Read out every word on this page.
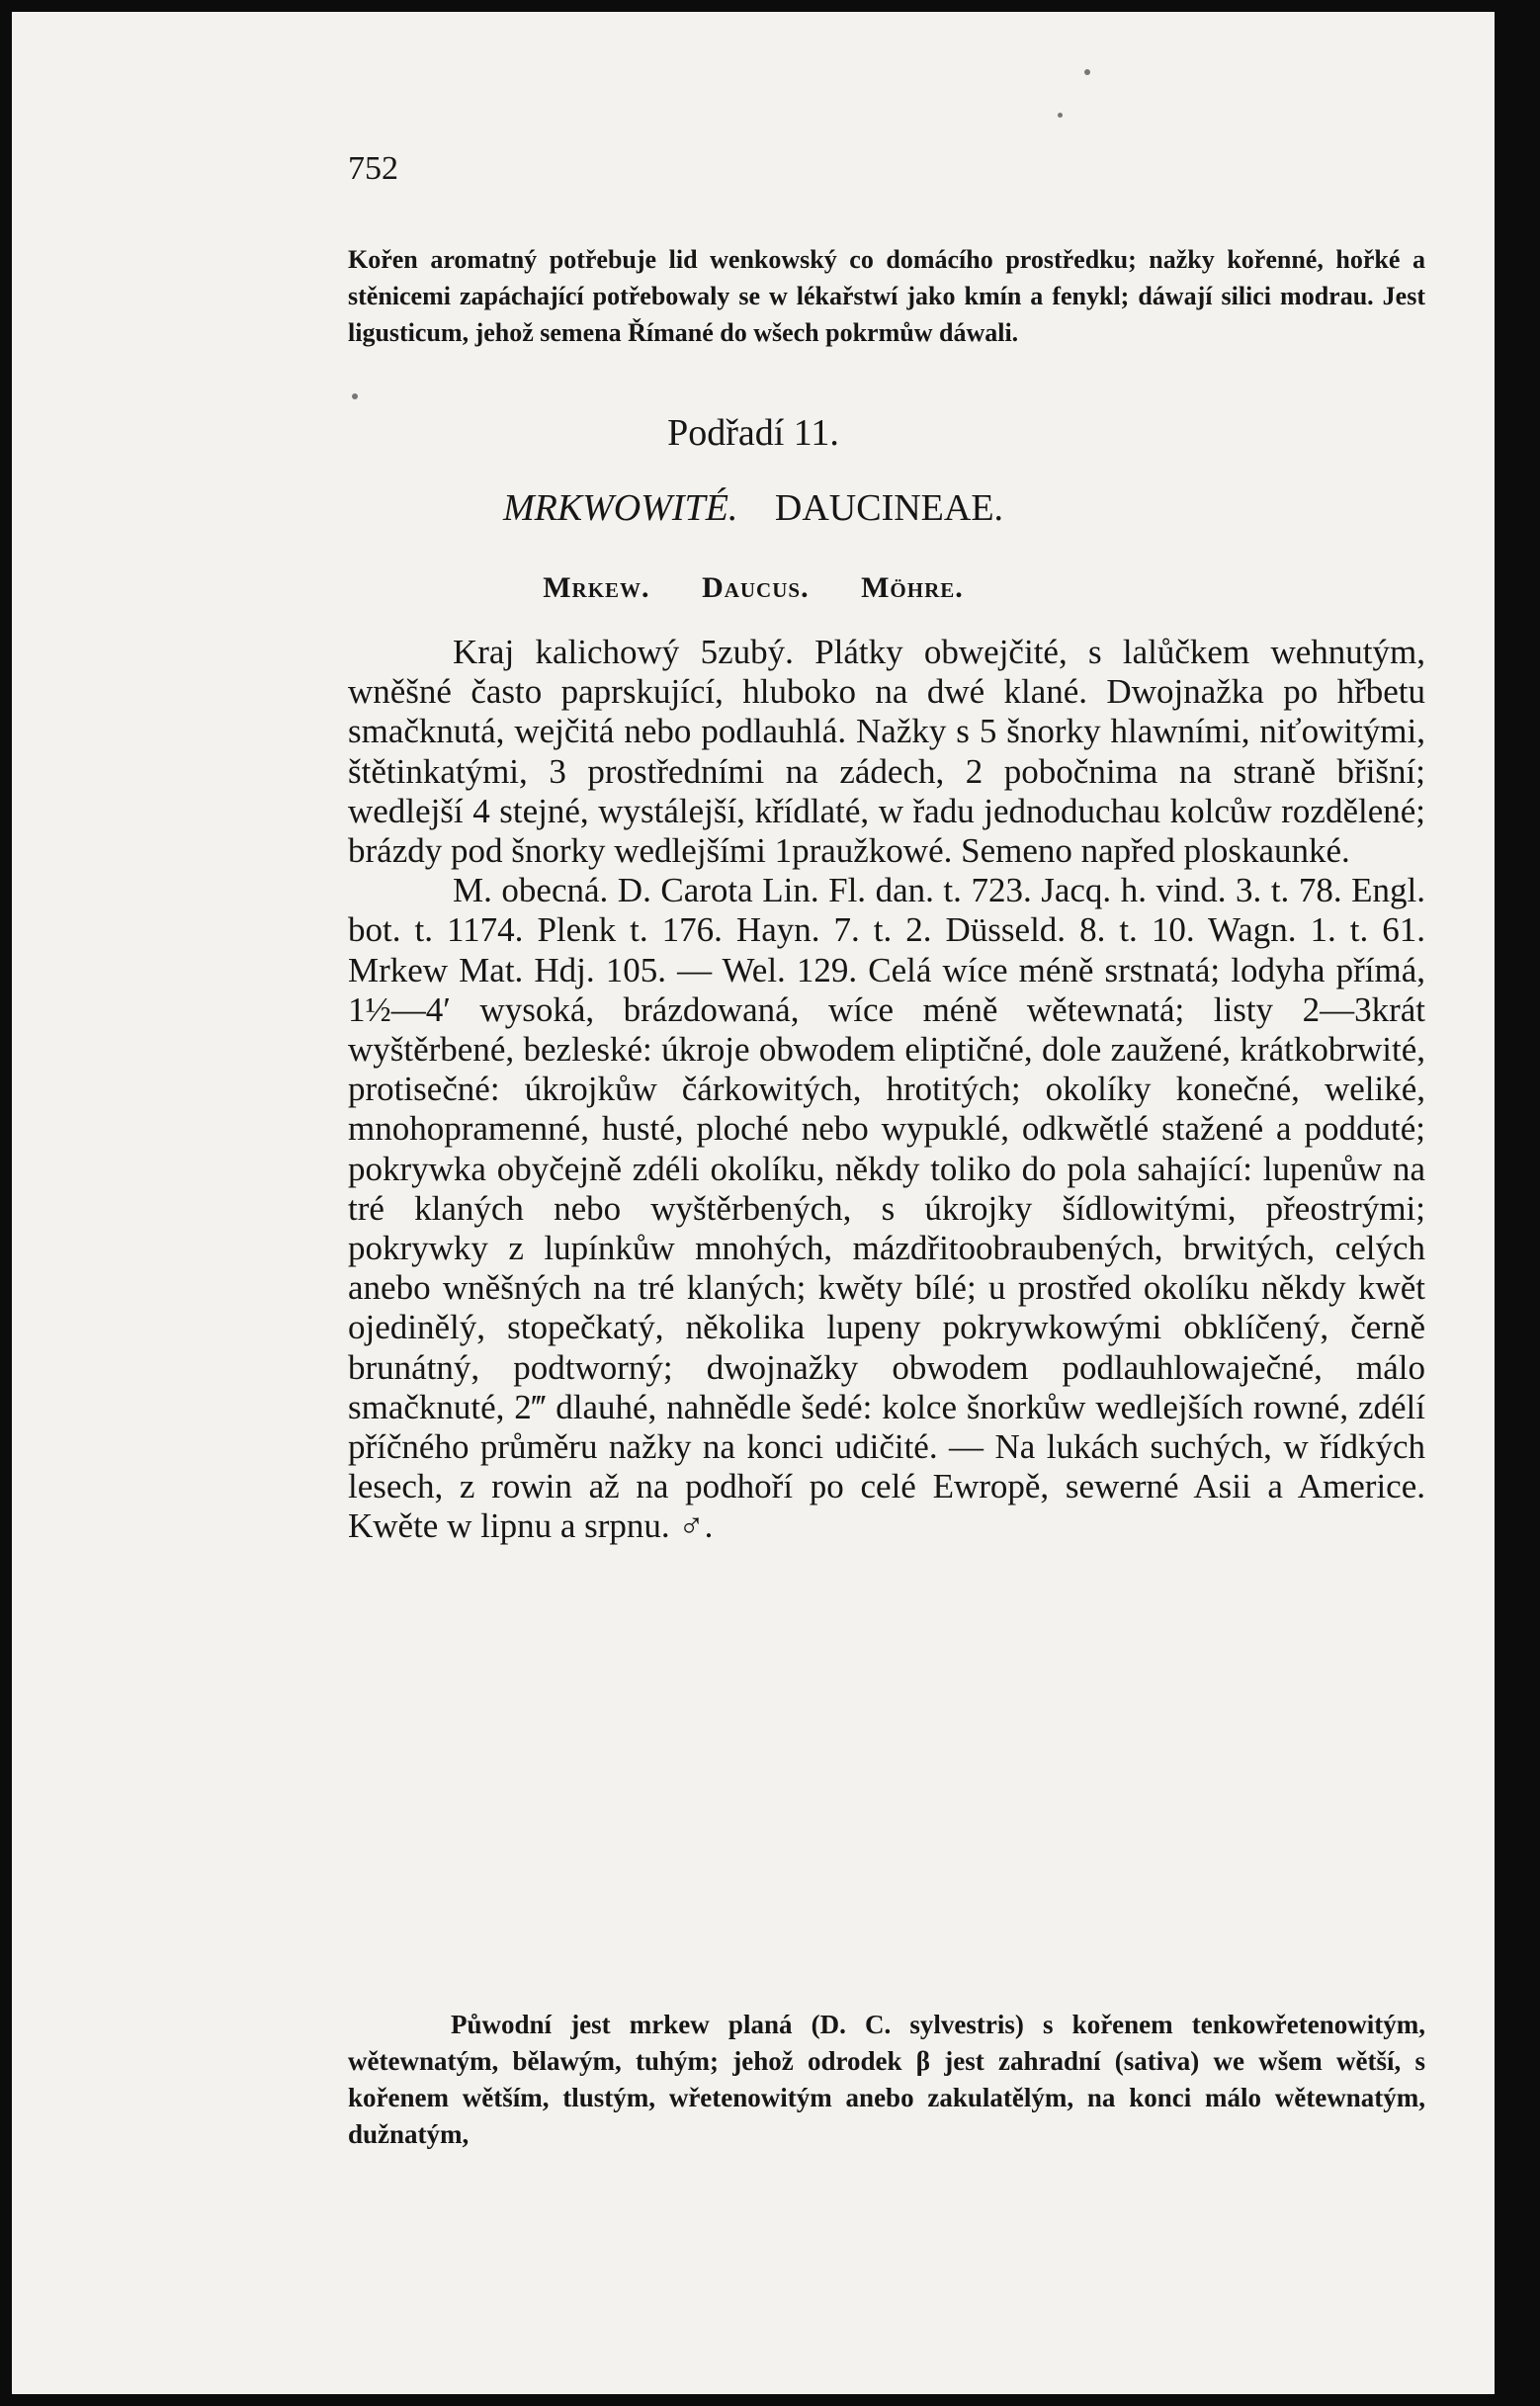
752
Kořen aromatný potřebuje lid wenkowský co domácího prostředku; nažky kořenné, hořké a stěnicemi zapáchající potřebowaly se w lékařstwí jako kmín a fenykl; dáwají silici modrau. Jest ligusticum, jehož semena Římané do wšech pokrmůw dáwali.
Podřadí 11.
MRKWOWITÉ. DAUCINEAE.
Mrkew. Daucus. Möhre.

Kraj kalichowý 5zubý. Plátky obwejčité, s lalůčkem wehnutým, wněšné často paprskující, hluboko na dwé klané. Dwojnažka po hřbetu smačknutá, wejčitá nebo podlauhlá. Nažky s 5 šnorky hlawními, niťowitými, štětinkatými, 3 prostředními na zádech, 2 pobočnima na straně břišní; wedlejší 4 stejné, wystálejší, křídlaté, w řadu jednoduchau kolcůw rozdělené; brázdy pod šnorky wedlejšími 1praužkowé. Semeno napřed ploskaunké.

M. obecná. D. Carota Lin. Fl. dan. t. 723. Jacq. h. vind. 3. t. 78. Engl. bot. t. 1174. Plenk t. 176. Hayn. 7. t. 2. Düsseld. 8. t. 10. Wagn. 1. t. 61. Mrkew Mat. Hdj. 105. — Wel. 129. Celá wíce méně srstnatá; lodyha přímá, 1½—4′ wysoká, brázdowaná, wíce méně wětewnatá; listy 2—3krát wyštěrbené, bezleské: úkroje obwodem eliptičné, dole zaužené, krátkobrwité, protisečné: úkrojkůw čárkowitých, hrotitých; okolíky konečné, weliké, mnohopramenné, husté, ploché nebo wypuklé, odkwětlé stažené a podduté; pokrywka obyčejně zdéli okolíku, někdy toliko do pola sahající: lupenůw na tré klaných nebo wyštěrbených, s úkrojky šídlowitými, přeostrými; pokrywky z lupínkůw mnohých, mázdřitoobraubených, brwitých, celých anebo wněšných na tré klaných; kwěty bílé; u prostřed okolíku někdy kwět ojedinělý, stopečkatý, několika lupeny pokrywkowými obklíčený, černě brunátný, podtworný; dwojnažky obwodem podlauhlowaječné, málo smačknuté, 2‴ dlauhé, nahnědle šedé: kolce šnorkůw wedlejších rowné, zdélí příčného průměru nažky na konci udičité. — Na lukách suchých, w řídkých lesech, z rowin až na podhoří po celé Ewropě, sewerné Asii a Americe. Kwěte w lipnu a srpnu. ♂.

Půwodní jest mrkew planá (D. C. sylvestris) s kořenem tenkowřetenowitým, wětewnatým, bělawým, tuhým; jehož odrodek β jest zahradní (sativa) we wšem wětší, s kořenem wětším, tlustým, wřetenowitým anebo zakulatělým, na konci málo wětewnatým, dužnatým,
